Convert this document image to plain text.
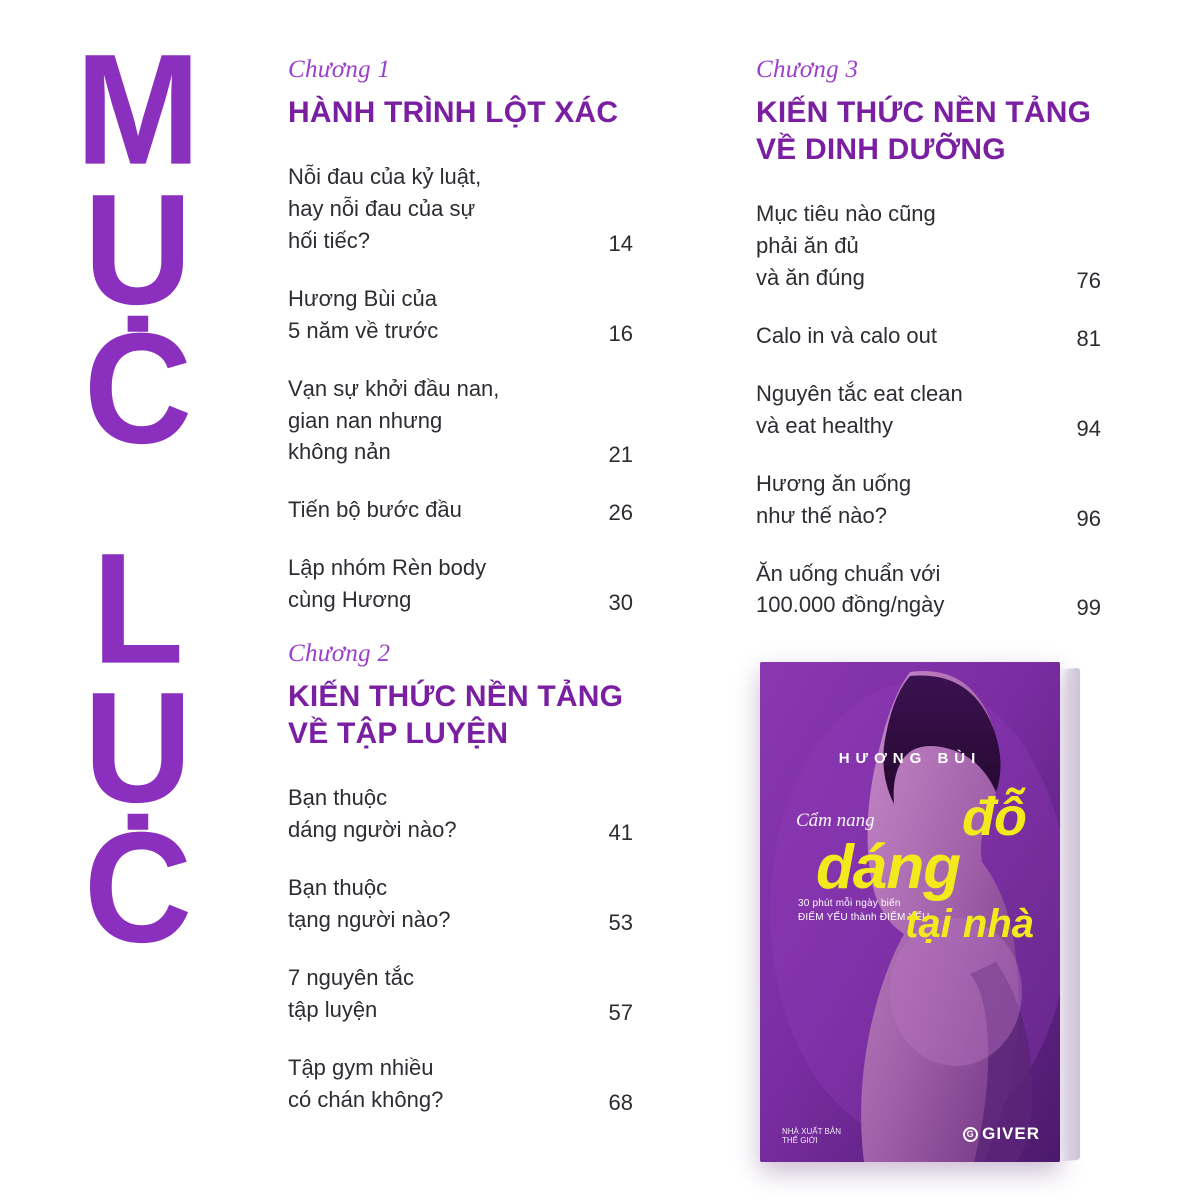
M
Ụ
C
L
Ụ
C
Chương 1
HÀNH TRÌNH LỘT XÁC
Nỗi đau của kỷ luật,
hay nỗi đau của sự
hối tiếc?	14
Hương Bùi của
5 năm về trước	16
Vạn sự khởi đầu nan,
gian nan nhưng
không nản	21
Tiến bộ bước đầu	26
Lập nhóm Rèn body
cùng Hương	30
Chương 2
KIẾN THỨC NỀN TẢNG VỀ TẬP LUYỆN
Bạn thuộc
dáng người nào?	41
Bạn thuộc
tạng người nào?	53
7 nguyên tắc
tập luyện	57
Tập gym nhiều
có chán không?	68
Chương 3
KIẾN THỨC NỀN TẢNG VỀ DINH DƯỠNG
Mục tiêu nào cũng
phải ăn đủ
và ăn đúng	76
Calo in và calo out	81
Nguyên tắc eat clean
và eat healthy	94
Hương ăn uống
như thế nào?	96
Ăn uống chuẩn với
100.000 đồng/ngày	99
HƯƠNG BÙI
Cẩm nang đỗ
dáng
30 phút mỗi ngày biến
ĐIỂM YẾU thành ĐIỂM YẾU
tại nhà
NHÀ XUẤT BẢN
THẾ GIỚI
G GIVER
